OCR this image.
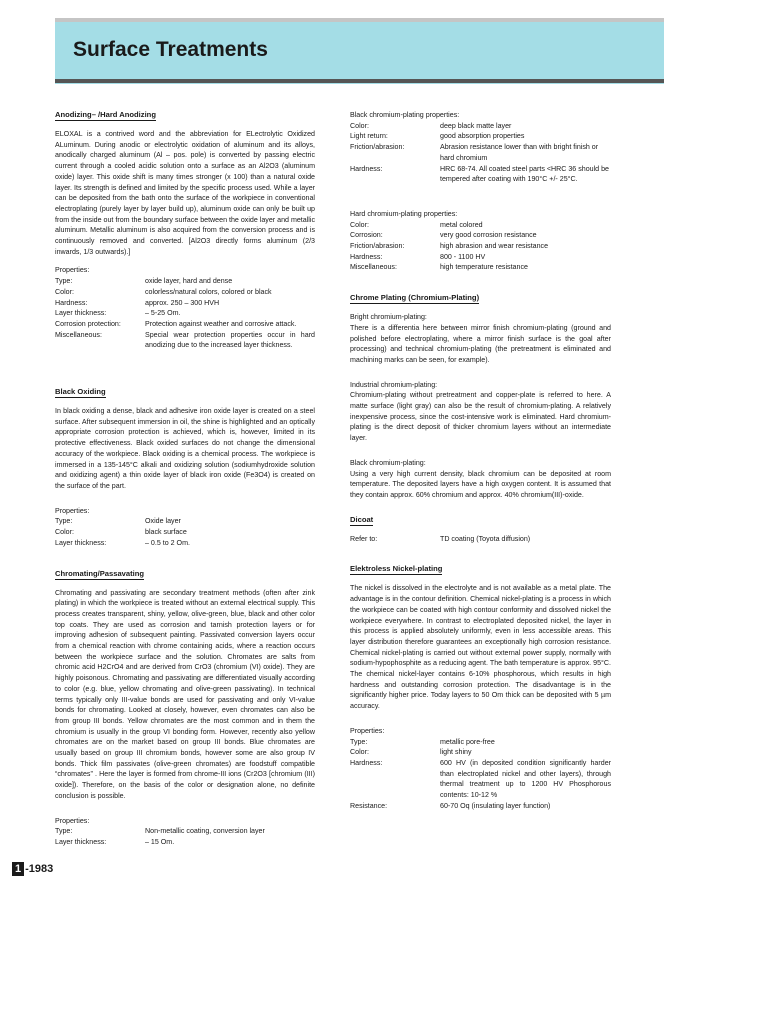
Surface Treatments
Anodizing– /Hard Anodizing

ELOXAL is a contrived word and the abbreviation for ELectrolytic Oxidized ALuminum. During anodic or electrolytic oxidation of aluminum and its alloys, anodically charged aluminum (Al – pos. pole) is converted by passing electric current through a cooled acidic solution onto a surface as an Al2O3 (aluminum oxide) layer. This oxide shift is many times stronger (x 100) than a natural oxide layer. Its strength is defined and limited by the specific process used. While a layer can be deposited from the bath onto the surface of the workpiece in conventional electroplating (purely layer by layer build up), aluminum oxide can only be built up from the inside out from the boundary surface between the oxide layer and metallic aluminum. Metallic aluminum is also acquired from the conversion process and is continuously removed and converted. [Al2O3 directly forms aluminum (2/3 inwards, 1/3 outwards).]

Properties:

Type:	oxide layer, hard and dense
Color:	colorless/natural colors, colored or black
Hardness:	approx. 250 – 300 HVH
Layer thickness:	– 5-25 Om.
Corrosion protection:	Protection against weather and corrosive attack.
Miscellaneous:	Special wear protection properties occur in hard anodizing due to the increased layer thickness.
Black Oxiding

In black oxiding a dense, black and adhesive iron oxide layer is created on a steel surface. After subsequent immersion in oil, the shine is highlighted and an optically appropriate corrosion protection is achieved, which is, however, limited in its protective effectiveness. Black oxided surfaces do not change the dimensional accuracy of the workpiece. Black oxiding is a chemical process. The workpiece is immersed in a 135-145°C alkali and oxidizing solution (sodiumhydroxide solution and oxidizing agent) a thin oxide layer of black iron oxide (Fe3O4) is created on the surface of the part.

Properties:

Type:	Oxide layer
Color:	black surface
Layer thickness:	– 0.5 to 2 Om.
Chromating/Passavating

Chromating and passivating are secondary treatment methods (often after zink plating) in which the workpiece is treated without an external electrical supply. This process creates transparent, shiny, yellow, olive-green, blue, black and other color top coats. They are used as corrosion and tarnish protection layers or for improving adhesion of subsequent painting. Passivated conversion layers occur from a chemical reaction with chrome containing acids, where a reaction occurs between the workpiece surface and the solution. Chromates are salts from chromic acid H2CrO4 and are derived from CrO3 (chromium (VI) oxide). They are highly poisonous. Chromating and passivating are differentiated visually according to color (e.g. blue, yellow chromating and olive-green passivating). In technical terms typically only III-value bonds are used for passivating and only VI-value bonds for chromating. Looked at closely, however, even chromates can also be from group III bonds. Yellow chromates are the most common and in them the chromium is usually in the group VI bonding form. However, recently also yellow chromates are on the market based on group III bonds. Blue chromates are usually based on group III chromium bonds, however some are also group IV bonds. Thick film passivates (olive-green chromates) are foodstuff compatible “chromates” . Here the layer is formed from chrome-III ions (Cr2O3 [chromium (III) oxide]). Therefore, on the basis of the color or designation alone, no definite conclusion is possible.

Properties:

Type:	Non-metallic coating, conversion layer
Layer thickness:	– 15 Om.

Black chromium-plating properties:

Color:	deep black matte layer
Light return:	good absorption properties
Friction/abrasion:	Abrasion resistance lower than with bright finish or hard chromium
Hardness:	HRC 68-74. All coated steel parts <HRC 36 should be tempered after coating with 190°C +/- 25°C.

Hard chromium-plating properties:

Color:	metal colored
Corrosion:	very good corrosion resistance
Friction/abrasion:	high abrasion and wear resistance
Hardness:	800 - 1100 HV
Miscellaneous:	high temperature resistance
Chrome Plating (Chromium-Plating)

Bright chromium-plating:

There is a differentia here between mirror finish chromium-plating (ground and polished before electroplating, where a mirror finish surface is the goal after processing) and technical chromium-plating (the pretreatment is eliminated and machining marks can be seen, for example).

Industrial chromium-plating:

Chromium-plating without pretreatment and copper-plate is referred to here. A matte surface (light gray) can also be the result of chromium-plating. A relatively inexpensive process, since the cost-intensive work is eliminated. Hard chromium-plating is the direct deposit of thicker chromium layers without an intermediate layer.

Black chromium-plating:

Using a very high current density, black chromium can be deposited at room temperature. The deposited layers have a high oxygen content. It is assumed that they contain approx. 60% chromium and approx. 40% chromium(III)-oxide.

Dicoat
Refer to:	TD coating (Toyota diffusion)
Elektroless Nickel-plating

The nickel is dissolved in the electrolyte and is not available as a metal plate. The advantage is in the contour definition. Chemical nickel-plating is a process in which the workpiece can be coated with high contour conformity and dissolved nickel the workpiece everywhere. In contrast to electroplated deposited nickel, the layer in this process is applied absolutely uniformly, even in less accessible areas. This layer distribution therefore guarantees an exceptionally high corrosion resistance. Chemical nickel-plating is carried out without external power supply, normally with sodium-hypophosphite as a reducing agent. The bath temperature is approx. 95°C. The chemical nickel-layer contains 6-10% phosphorous, which results in high hardness and outstanding corrosion protection. The disadvantage is in the significantly higher price. Today layers to 50 Om thick can be deposited with 5 µm accuracy.

Properties:

Type:	metallic pore-free
Color:	light shiny
Hardness:	600 HV (in deposited condition significantly harder than electroplated nickel and other layers), through thermal treatment up to 1200 HV Phosphorous contents: 10-12 %
Resistance:	60-70 Oq (insulating layer function)
1 -1983
